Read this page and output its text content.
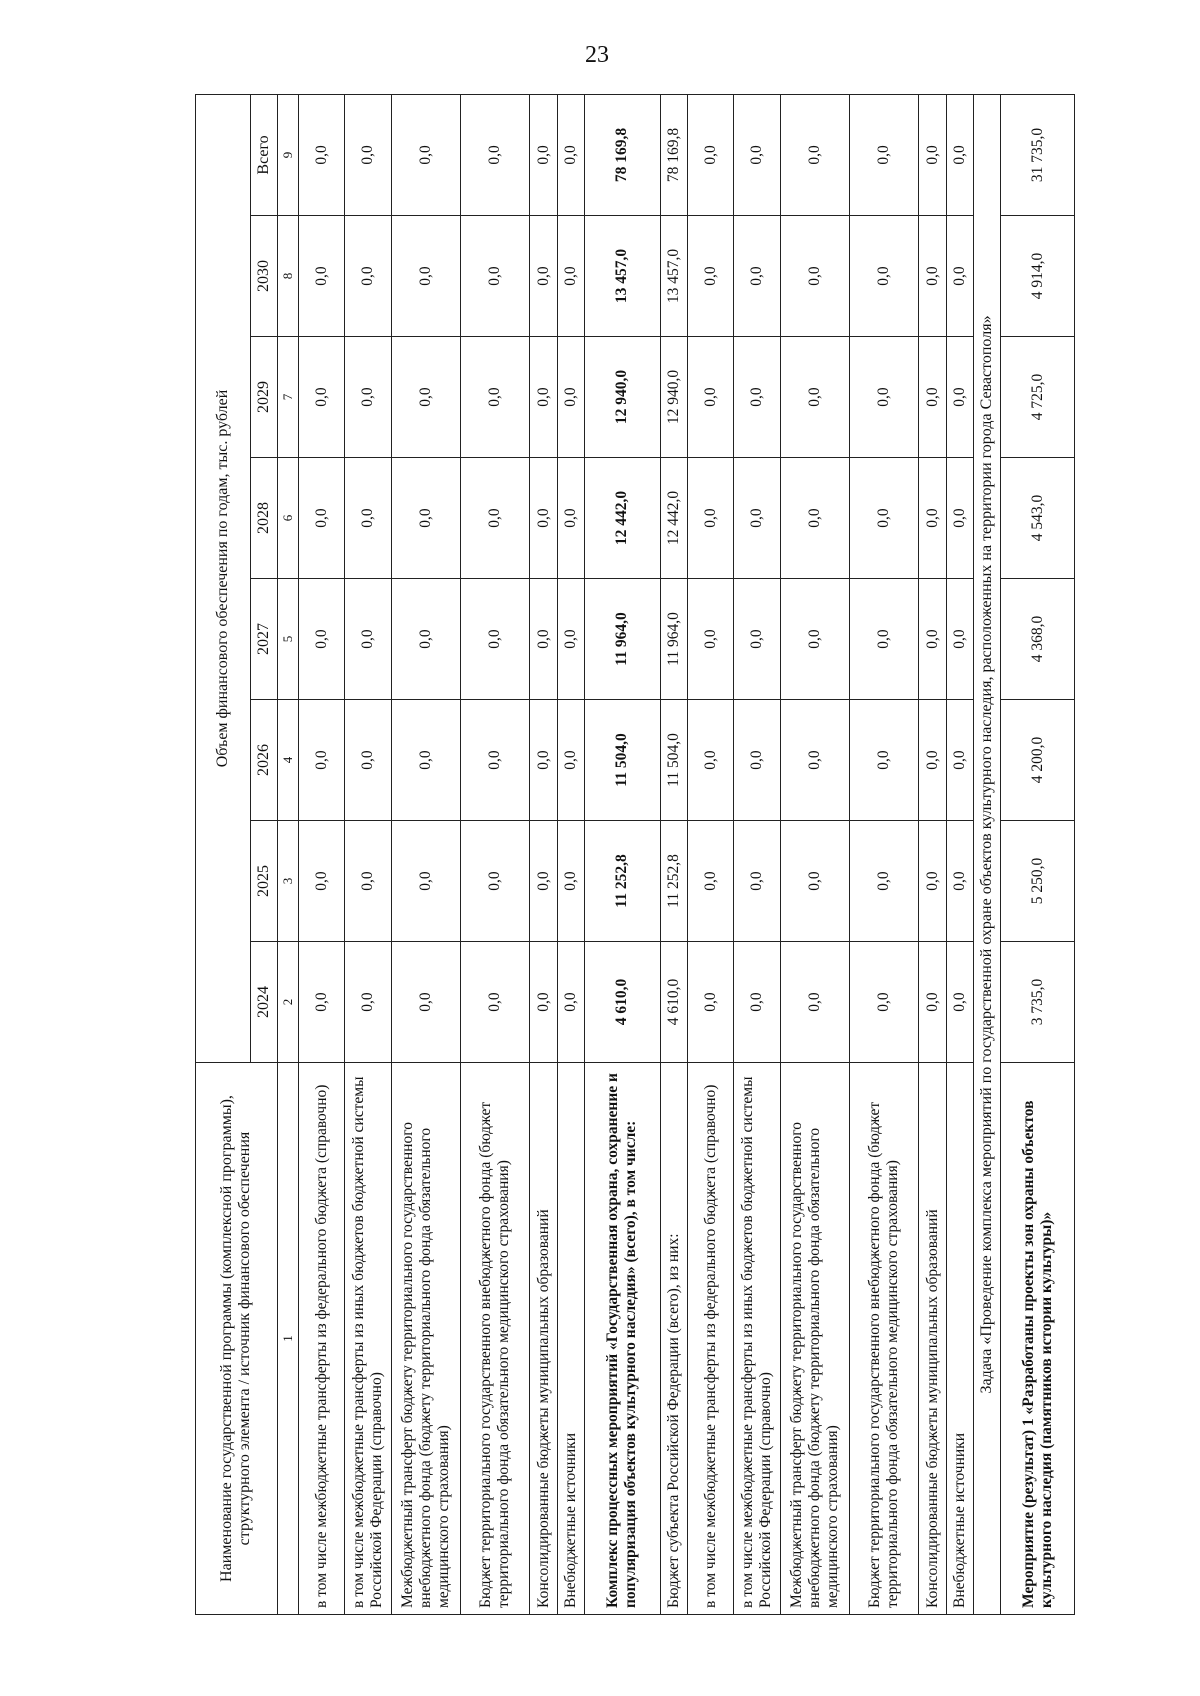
23
Наименование государственной программы (комплексной программы), структурного элемента / источник финансового обеспечения	Объем финансового обеспечения по годам, тыс. рублей							
	2024	2025	2026	2027	2028	2029	2030	Всего
1	2	3	4	5	6	7	8	9
в том числе межбюджетные трансферты из федерального бюджета (справочно)	0,0	0,0	0,0	0,0	0,0	0,0	0,0	0,0
в том числе межбюджетные трансферты из иных бюджетов бюджетной системы Российской Федерации (справочно)	0,0	0,0	0,0	0,0	0,0	0,0	0,0	0,0
Межбюджетный трансферт бюджету территориального государственного внебюджетного фонда (бюджету территориального фонда обязательного медицинского страхования)	0,0	0,0	0,0	0,0	0,0	0,0	0,0	0,0
Бюджет территориального государственного внебюджетного фонда (бюджет территориального фонда обязательного медицинского страхования)	0,0	0,0	0,0	0,0	0,0	0,0	0,0	0,0
Консолидированные бюджеты муниципальных образований	0,0	0,0	0,0	0,0	0,0	0,0	0,0	0,0
Внебюджетные источники	0,0	0,0	0,0	0,0	0,0	0,0	0,0	0,0
Комплекс процессных мероприятий «Государственная охрана, сохранение и популяризация объектов культурного наследия» (всего), в том числе:	4 610,0	11 252,8	11 504,0	11 964,0	12 442,0	12 940,0	13 457,0	78 169,8
Бюджет субъекта Российской Федерации (всего), из них:	4 610,0	11 252,8	11 504,0	11 964,0	12 442,0	12 940,0	13 457,0	78 169,8
в том числе межбюджетные трансферты из федерального бюджета (справочно)	0,0	0,0	0,0	0,0	0,0	0,0	0,0	0,0
в том числе межбюджетные трансферты из иных бюджетов бюджетной системы Российской Федерации (справочно)	0,0	0,0	0,0	0,0	0,0	0,0	0,0	0,0
Межбюджетный трансферт бюджету территориального государственного внебюджетного фонда (бюджету территориального фонда обязательного медицинского страхования)	0,0	0,0	0,0	0,0	0,0	0,0	0,0	0,0
Бюджет территориального государственного внебюджетного фонда (бюджет территориального фонда обязательного медицинского страхования)	0,0	0,0	0,0	0,0	0,0	0,0	0,0	0,0
Консолидированные бюджеты муниципальных образований	0,0	0,0	0,0	0,0	0,0	0,0	0,0	0,0
Внебюджетные источники	0,0	0,0	0,0	0,0	0,0	0,0	0,0	0,0
Задача «Проведение комплекса мероприятий по государственной охране объектов культурного наследия, расположенных на территории города Севастополя»								
Мероприятие (результат) 1 «Разработаны проекты зон охраны объектов культурного наследия (памятников истории культуры)»	3 735,0	5 250,0	4 200,0	4 368,0	4 543,0	4 725,0	4 914,0	31 735,0
